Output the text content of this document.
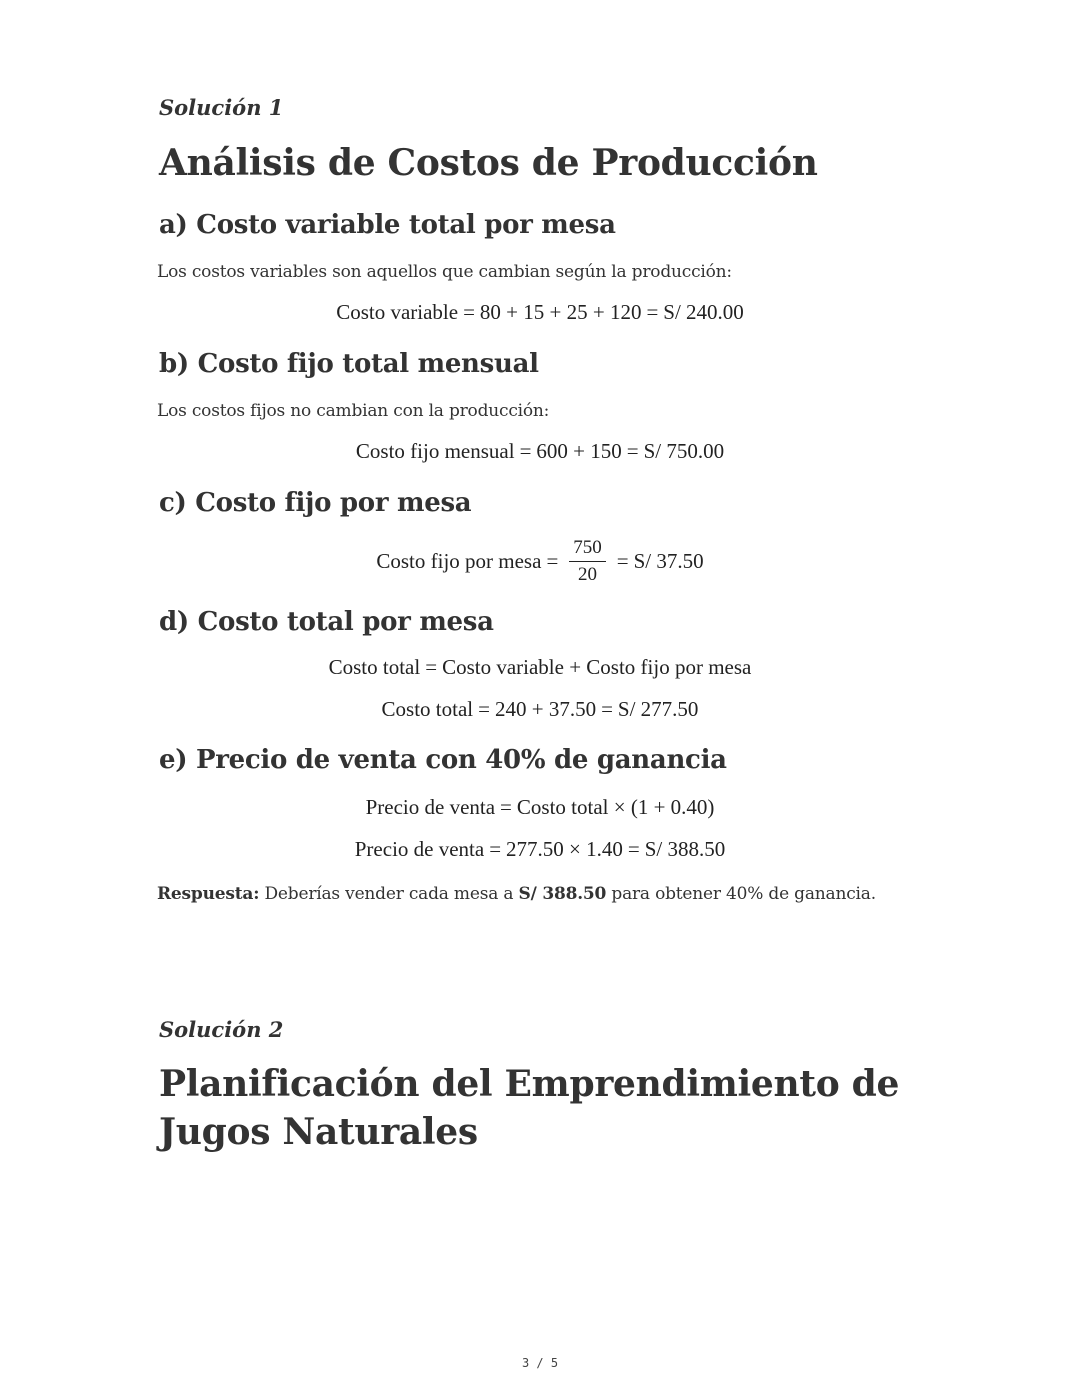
Solución 1
Análisis de Costos de Producción
a) Costo variable total por mesa
Los costos variables son aquellos que cambian según la producción:
Costo variable = 80 + 15 + 25 + 120 = S/ 240.00
b) Costo fijo total mensual
Los costos fijos no cambian con la producción:
Costo fijo mensual = 600 + 150 = S/ 750.00
c) Costo fijo por mesa
Costo fijo por mesa = $\frac{750}{20} = S/$ 37.50
d) Costo total por mesa
Costo total = Costo variable + Costo fijo por mesa
Costo total = 240 + 37.50 = S/ 277.50
e) Precio de venta con 40% de ganancia
Precio de venta = Costo total × (1 + 0.40)
Precio de venta = 277.50 × 1.40 = S/ 388.50
Respuesta: Deberías vender cada mesa a S/ 388.50 para obtener 40% de ganancia.
Solución 2
Planificación del Emprendimiento de Jugos Naturales
3 / 5
